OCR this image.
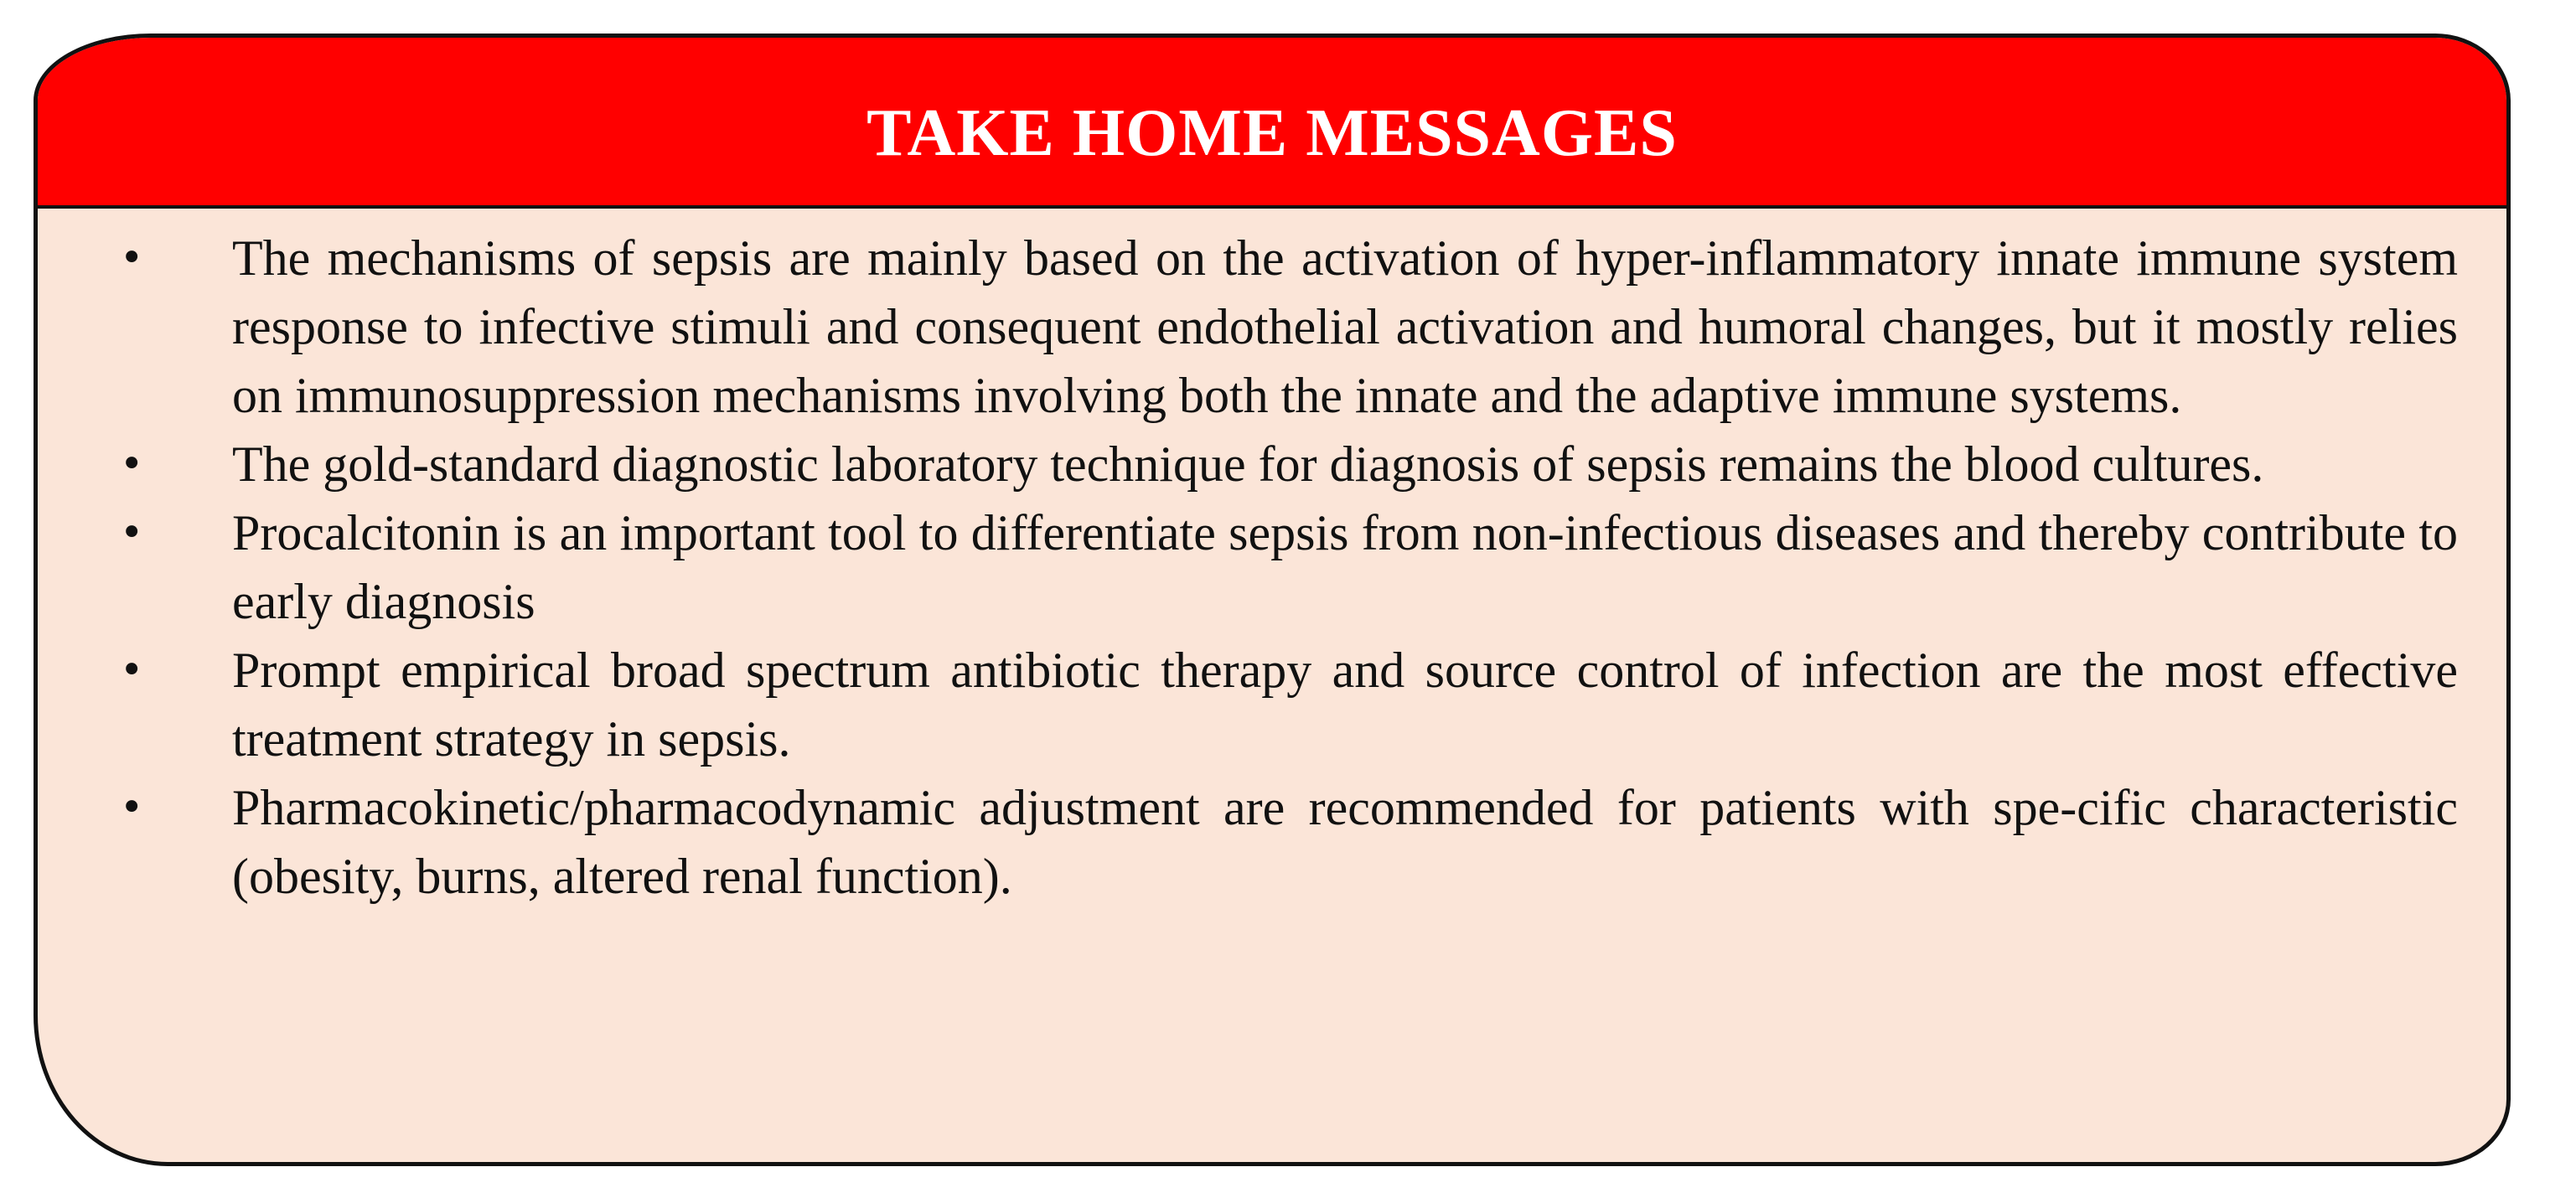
TAKE HOME MESSAGES
• The mechanisms of sepsis are mainly based on the activation of hyper-inflammatory innate immune system response to infective stimuli and consequent endothelial activation and humoral changes, but it mostly relies on immunosuppression mechanisms involving both the innate and the adaptive immune systems.
• The gold-standard diagnostic laboratory technique for diagnosis of sepsis remains the blood cultures.
• Procalcitonin is an important tool to differentiate sepsis from non-infectious diseases and thereby contribute to early diagnosis
• Prompt empirical broad spectrum antibiotic therapy and source control of infection are the most effective treatment strategy in sepsis.
• Pharmacokinetic/pharmacodynamic adjustment are recommended for patients with spe-cific characteristic (obesity, burns, altered renal function).
